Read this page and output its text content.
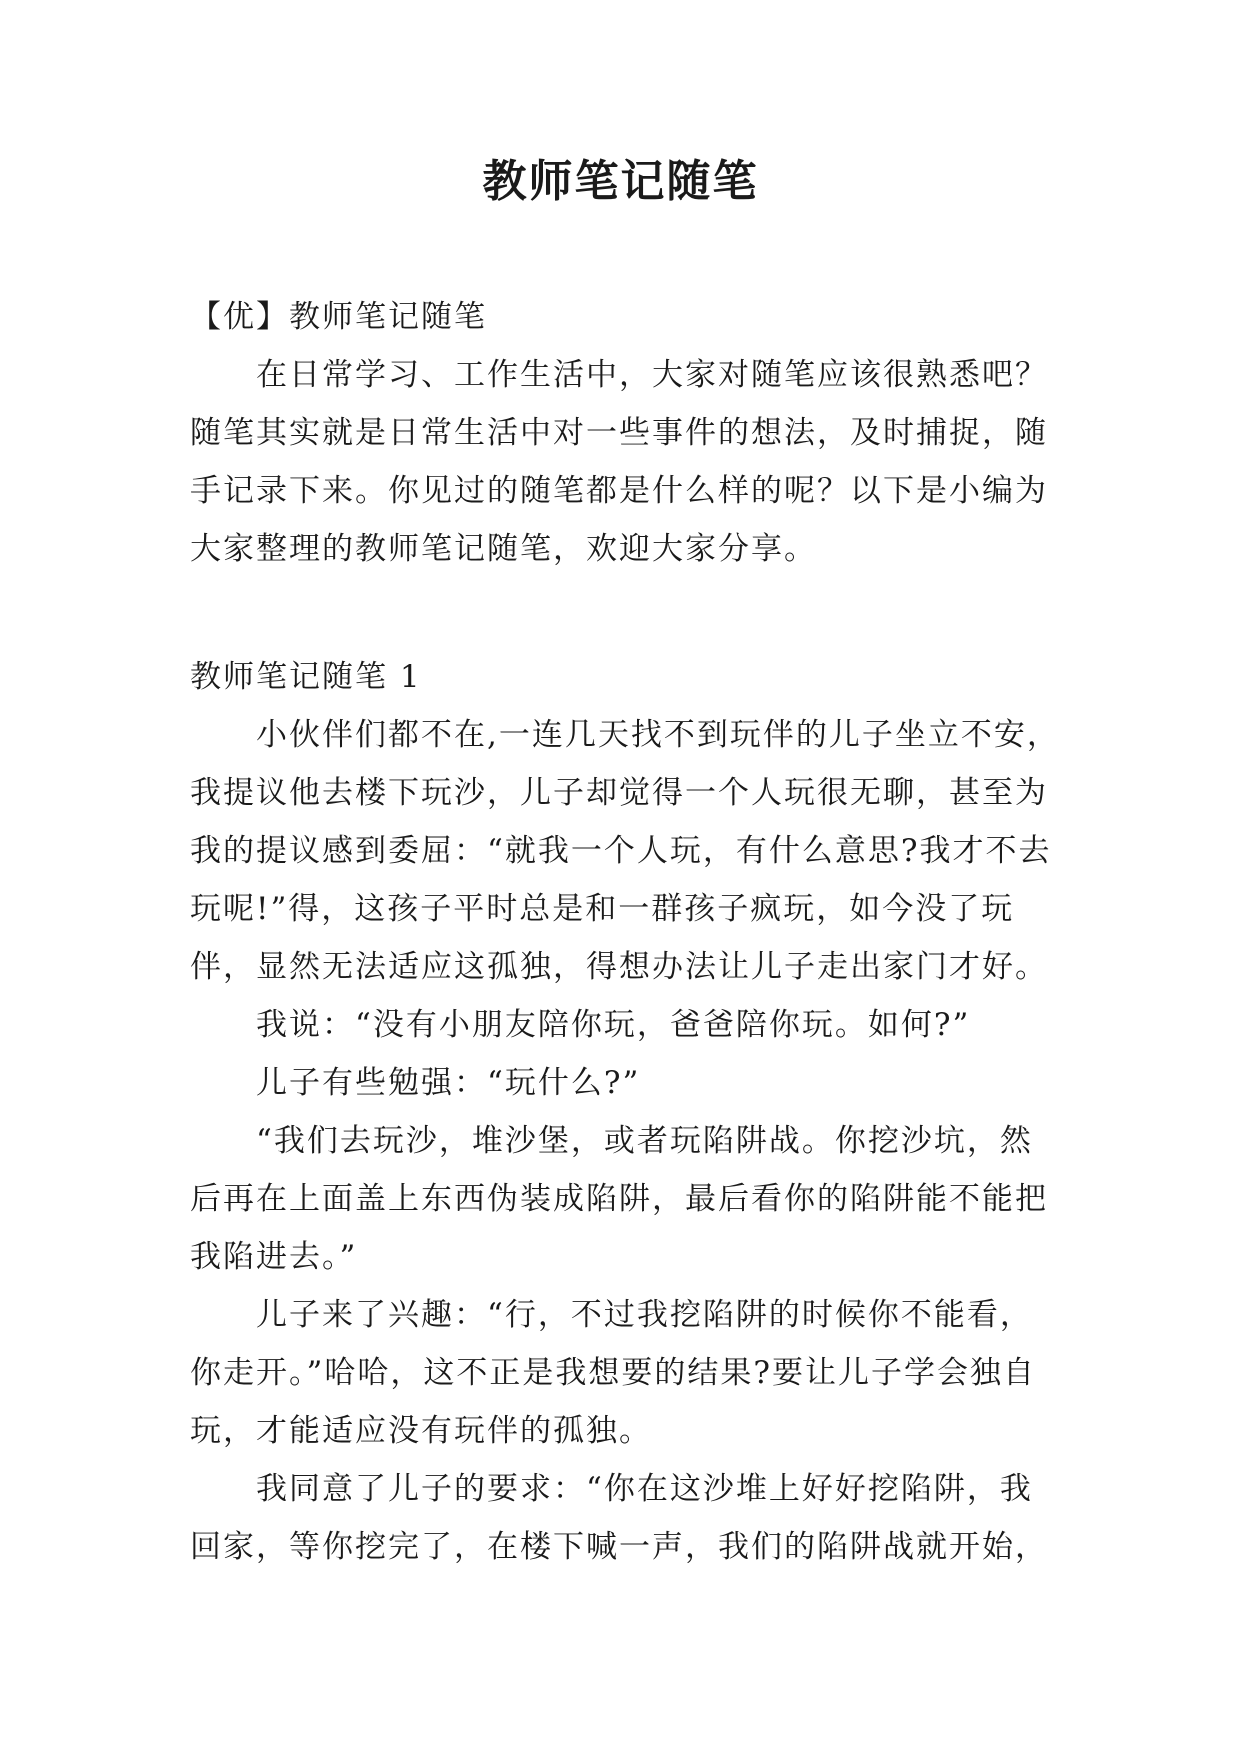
教师笔记随笔
【优】教师笔记随笔
在日常学习、工作生活中，大家对随笔应该很熟悉吧？
随笔其实就是日常生活中对一些事件的想法，及时捕捉，随
手记录下来。你见过的随笔都是什么样的呢？以下是小编为
大家整理的教师笔记随笔，欢迎大家分享。
教师笔记随笔 1
小伙伴们都不在,一连几天找不到玩伴的儿子坐立不安，
我提议他去楼下玩沙，儿子却觉得一个人玩很无聊，甚至为
我的提议感到委屈：“就我一个人玩，有什么意思?我才不去
玩呢!”得，这孩子平时总是和一群孩子疯玩，如今没了玩
伴，显然无法适应这孤独，得想办法让儿子走出家门才好。
我说：“没有小朋友陪你玩，爸爸陪你玩。如何?”
儿子有些勉强：“玩什么?”
“我们去玩沙，堆沙堡，或者玩陷阱战。你挖沙坑，然
后再在上面盖上东西伪装成陷阱，最后看你的陷阱能不能把
我陷进去。”
儿子来了兴趣：“行，不过我挖陷阱的时候你不能看，
你走开。”哈哈，这不正是我想要的结果?要让儿子学会独自
玩，才能适应没有玩伴的孤独。
我同意了儿子的要求：“你在这沙堆上好好挖陷阱，我
回家，等你挖完了，在楼下喊一声，我们的陷阱战就开始，
